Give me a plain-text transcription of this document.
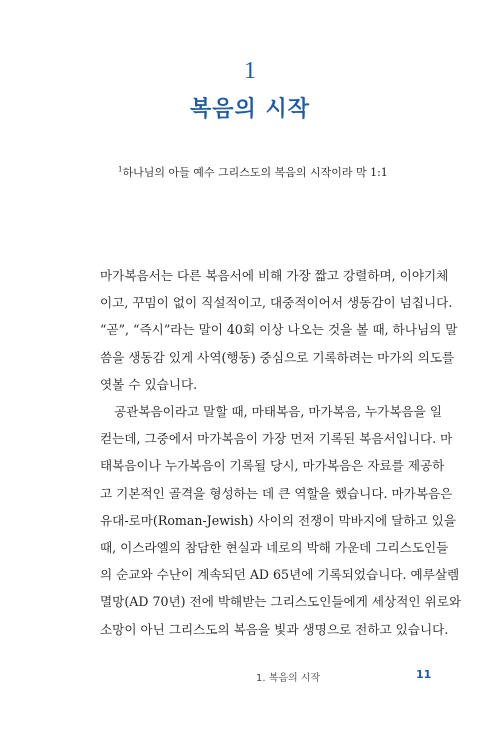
1
복음의 시작
$^1$하나님의 아들 예수 그리스도의 복음의 시작이라 막 1:1
마가복음서는 다른 복음서에 비해 가장 짧고 강렬하며, 이야기체
이고, 꾸밈이 없이 직설적이고, 대중적이어서 생동감이 넘칩니다.
“곧”, “즉시”라는 말이 40회 이상 나오는 것을 볼 때, 하나님의 말
씀을 생동감 있게 사역(행동) 중심으로 기록하려는 마가의 의도를
엿볼 수 있습니다.
공관복음이라고 말할 때, 마태복음, 마가복음, 누가복음을 일
컫는데, 그중에서 마가복음이 가장 먼저 기록된 복음서입니다. 마
태복음이나 누가복음이 기록될 당시, 마가복음은 자료를 제공하
고 기본적인 골격을 형성하는 데 큰 역할을 했습니다. 마가복음은
유대-로마(Roman-Jewish) 사이의 전쟁이 막바지에 달하고 있을
때, 이스라엘의 참담한 현실과 네로의 박해 가운데 그리스도인들
의 순교와 수난이 계속되던 AD 65년에 기록되었습니다. 예루살렘
멸망(AD 70년) 전에 박해받는 그리스도인들에게 세상적인 위로와
소망이 아닌 그리스도의 복음을 빛과 생명으로 전하고 있습니다.
1. 복음의 시작	11
